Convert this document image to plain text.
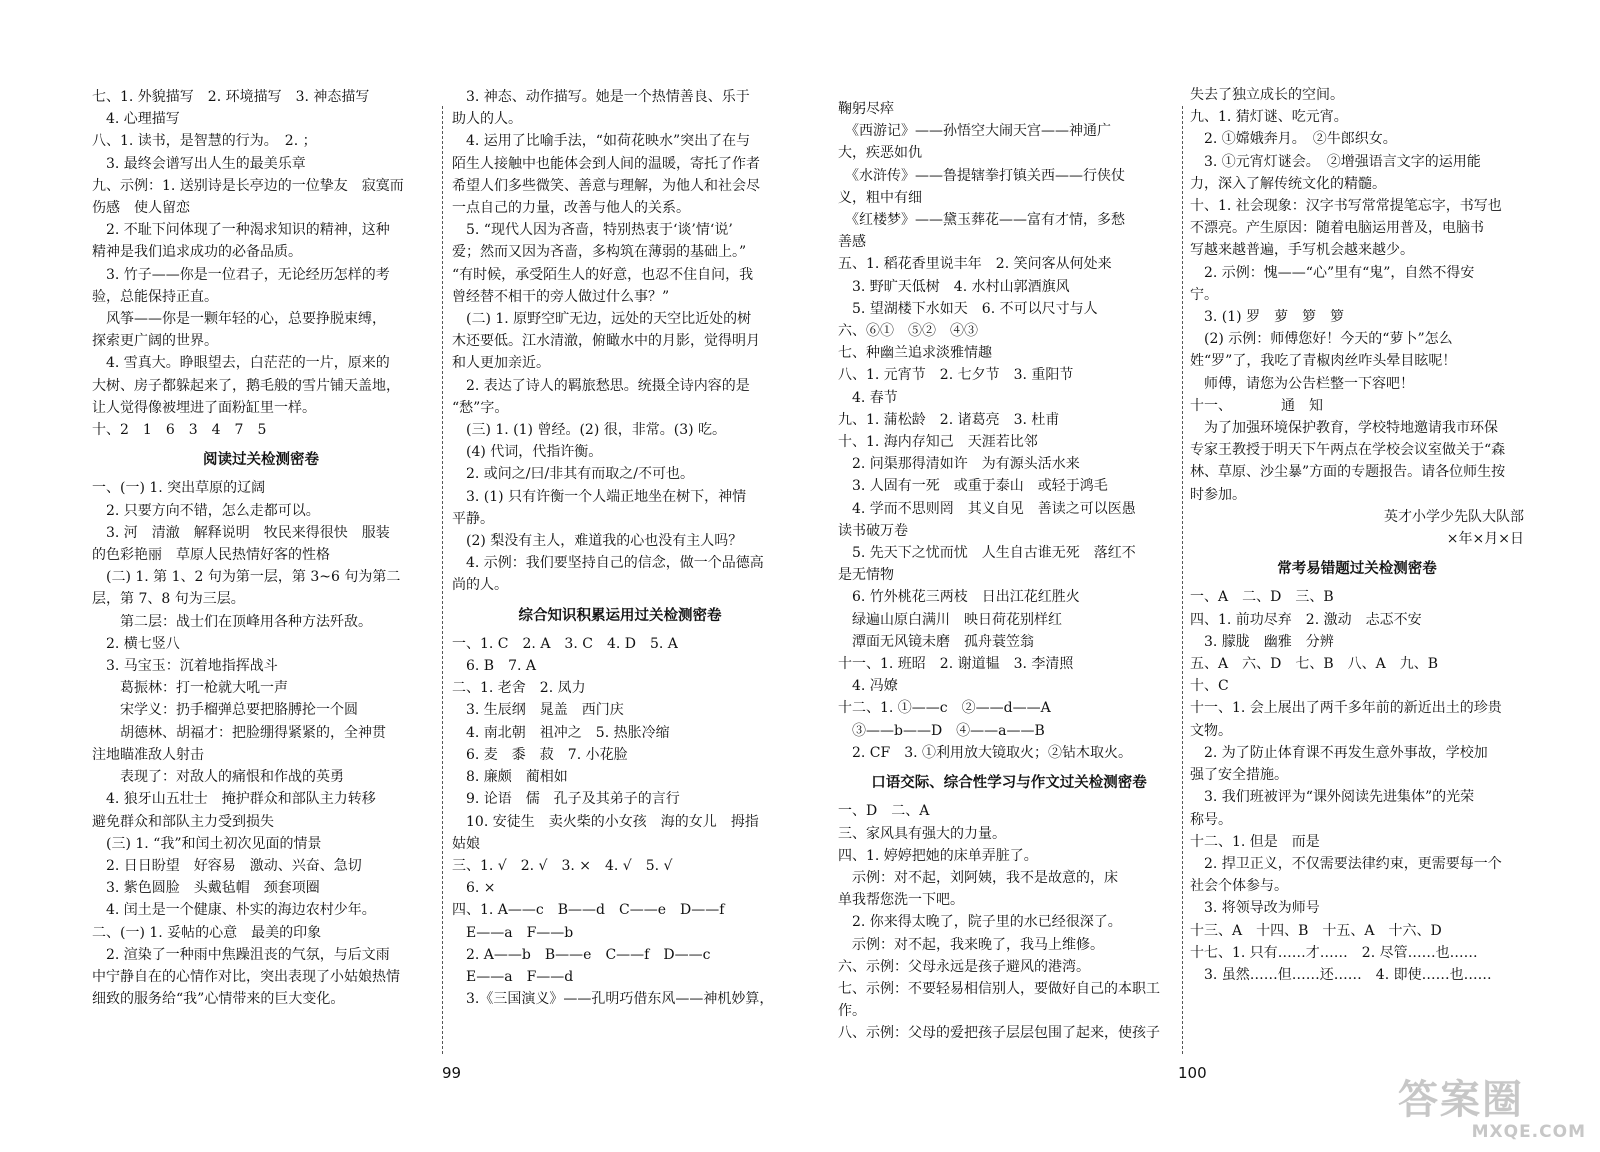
七、1. 外貌描写　2. 环境描写　3. 神态描写
　4. 心理描写
八、1. 读书，是智慧的行为。　2. ；
　3. 最终会谱写出人生的最美乐章
九、示例：1. 送别诗是长亭边的一位挚友　寂寞而
伤感　使人留恋
　2. 不耻下问体现了一种渴求知识的精神，这种
精神是我们追求成功的必备品质。
　3. 竹子——你是一位君子，无论经历怎样的考
验，总能保持正直。
　风筝——你是一颗年轻的心，总要挣脱束缚，
探索更广阔的世界。
　4. 雪真大。睁眼望去，白茫茫的一片，原来的
大树、房子都躲起来了，鹅毛般的雪片铺天盖地，
让人觉得像被埋进了面粉缸里一样。
十、2　1　6　3　4　7　5
阅读过关检测密卷
一、(一) 1. 突出草原的辽阔
　2. 只要方向不错，怎么走都可以。
　3. 河　清澈　解释说明　牧民来得很快　服装
的色彩艳丽　草原人民热情好客的性格
　(二) 1. 第 1、2 句为第一层，第 3~6 句为第二
层，第 7、8 句为三层。
　　第二层：战士们在顶峰用各种方法歼敌。
　2. 横七竖八
　3. 马宝玉：沉着地指挥战斗
　　葛振林：打一枪就大吼一声
　　宋学义：扔手榴弹总要把胳膊抡一个圆
　　胡德林、胡福才：把脸绷得紧紧的，全神贯
注地瞄准敌人射击
　　表现了：对敌人的痛恨和作战的英勇
　4. 狼牙山五壮士　掩护群众和部队主力转移
避免群众和部队主力受到损失
　(三) 1. “我”和闰土初次见面的情景
　2. 日日盼望　好容易　激动、兴奋、急切
　3. 紫色圆脸　头戴毡帽　颈套项圈
　4. 闰土是一个健康、朴实的海边农村少年。
二、(一) 1. 妥帖的心意　最美的印象
　2. 渲染了一种雨中焦躁沮丧的气氛，与后文雨
中宁静自在的心情作对比，突出表现了小姑娘热情
细致的服务给“我”心情带来的巨大变化。
　3. 神态、动作描写。她是一个热情善良、乐于
助人的人。
　4. 运用了比喻手法，“如荷花映水”突出了在与
陌生人接触中也能体会到人间的温暖，寄托了作者
希望人们多些微笑、善意与理解，为他人和社会尽
一点自己的力量，改善与他人的关系。
　5. “现代人因为吝啬，特别热衷于‘谈’情‘说’
爱；然而又因为吝啬，多构筑在薄弱的基础上。”
“有时候，承受陌生人的好意，也忍不住自问，我
曾经替不相干的旁人做过什么事？”
　(二) 1. 原野空旷无边，远处的天空比近处的树
木还要低。江水清澈，俯瞰水中的月影，觉得明月
和人更加亲近。
　2. 表达了诗人的羁旅愁思。统摄全诗内容的是
“愁”字。
　(三) 1. (1) 曾经。(2) 很，非常。(3) 吃。
　(4) 代词，代指许衡。
　2. 或问之/曰/非其有而取之/不可也。
　3. (1) 只有许衡一个人端正地坐在树下，神情
平静。
　(2) 梨没有主人，难道我的心也没有主人吗？
　4. 示例：我们要坚持自己的信念，做一个品德高
尚的人。
综合知识积累运用过关检测密卷
一、1. C　2. A　3. C　4. D　5. A
　6. B　7. A
二、1. 老舍　2. 凤力
　3. 生辰纲　晁盖　西门庆
　4. 南北朝　祖冲之　5. 热胀冷缩
　6. 麦　黍　菽　7. 小花脸
　8. 廉颇　蔺相如
　9. 论语　儒　孔子及其弟子的言行
　10. 安徒生　卖火柴的小女孩　海的女儿　拇指
姑娘
三、1. √　2. √　3. ×　4. √　5. √
　6. ×
四、1. A——c　B——d　C——e　D——f
　E——a　F——b
　2. A——b　B——e　C——f　D——c
　E——a　F——d
　3.《三国演义》——孔明巧借东风——神机妙算，
鞠躬尽瘁
　《西游记》——孙悟空大闹天宫——神通广
大，疾恶如仇
　《水浒传》——鲁提辖拳打镇关西——行侠仗
义，粗中有细
　《红楼梦》——黛玉葬花——富有才情，多愁
善感
五、1. 稻花香里说丰年　2. 笑问客从何处来
　3. 野旷天低树　4. 水村山郭酒旗风
　5. 望湖楼下水如天　6. 不可以尺寸与人
六、⑥①　⑤②　④③
七、种幽兰追求淡雅情趣
八、1. 元宵节　2. 七夕节　3. 重阳节
　4. 春节
九、1. 蒲松龄　2. 诸葛亮　3. 杜甫
十、1. 海内存知己　天涯若比邻
　2. 问渠那得清如许　为有源头活水来
　3. 人固有一死　或重于泰山　或轻于鸿毛
　4. 学而不思则罔　其义自见　善读之可以医愚
读书破万卷
　5. 先天下之忧而忧　人生自古谁无死　落红不
是无情物
　6. 竹外桃花三两枝　日出江花红胜火
　绿遍山原白满川　映日荷花别样红
　潭面无风镜未磨　孤舟蓑笠翁
十一、1. 班昭　2. 谢道韫　3. 李清照
　4. 冯嫽
十二、1. ①——c　②——d——A
　③——b——D　④——a——B
　2. CF　3. ①利用放大镜取火；②钻木取火。
口语交际、综合性学习与作文过关检测密卷
一、D　二、A
三、家风具有强大的力量。
四、1. 婷婷把她的床单弄脏了。
　示例：对不起，刘阿姨，我不是故意的，床
单我帮您洗一下吧。
　2. 你来得太晚了，院子里的水已经很深了。
　示例：对不起，我来晚了，我马上维修。
六、示例：父母永远是孩子避风的港湾。
七、示例：不要轻易相信别人，要做好自己的本职工
作。
八、示例：父母的爱把孩子层层包围了起来，使孩子
失去了独立成长的空间。
九、1. 猜灯谜、吃元宵。
　2. ①嫦娥奔月。　②牛郎织女。
　3. ①元宵灯谜会。　②增强语言文字的运用能
力，深入了解传统文化的精髓。
十、1. 社会现象：汉字书写常常提笔忘字，书写也
不漂亮。产生原因：随着电脑运用普及，电脑书
写越来越普遍，手写机会越来越少。
　2. 示例：愧——“心”里有“鬼”，自然不得安
宁。
　3. (1) 罗　萝　箩　箩
　(2) 示例：师傅您好！今天的“萝卜”怎么
姓“罗”了，我吃了青椒肉丝咋头晕目眩呢！
　师傅，请您为公告栏整一下容吧！
十一、　　　　通　知
　为了加强环境保护教育，学校特地邀请我市环保
专家王教授于明天下午两点在学校会议室做关于“森
林、草原、沙尘暴”方面的专题报告。请各位师生按
时参加。
英才小学少先队大队部
×年×月×日
常考易错题过关检测密卷
一、A　二、D　三、B
四、1. 前功尽弃　2. 激动　忐忑不安
　3. 朦胧　幽雅　分辨
五、A　六、D　七、B　八、A　九、B
十、C
十一、1. 会上展出了两千多年前的新近出土的珍贵
文物。
　2. 为了防止体育课不再发生意外事故，学校加
强了安全措施。
　3. 我们班被评为“课外阅读先进集体”的光荣
称号。
十二、1. 但是　而是
　2. 捍卫正义，不仅需要法律约束，更需要每一个
社会个体参与。
　3. 将领导改为师号
十三、A　十四、B　十五、A　十六、D
十七、1. 只有……才……　2. 尽管……也……
　3. 虽然……但……还……　4. 即使……也……
99	100
答案圈
MXQE.COM
